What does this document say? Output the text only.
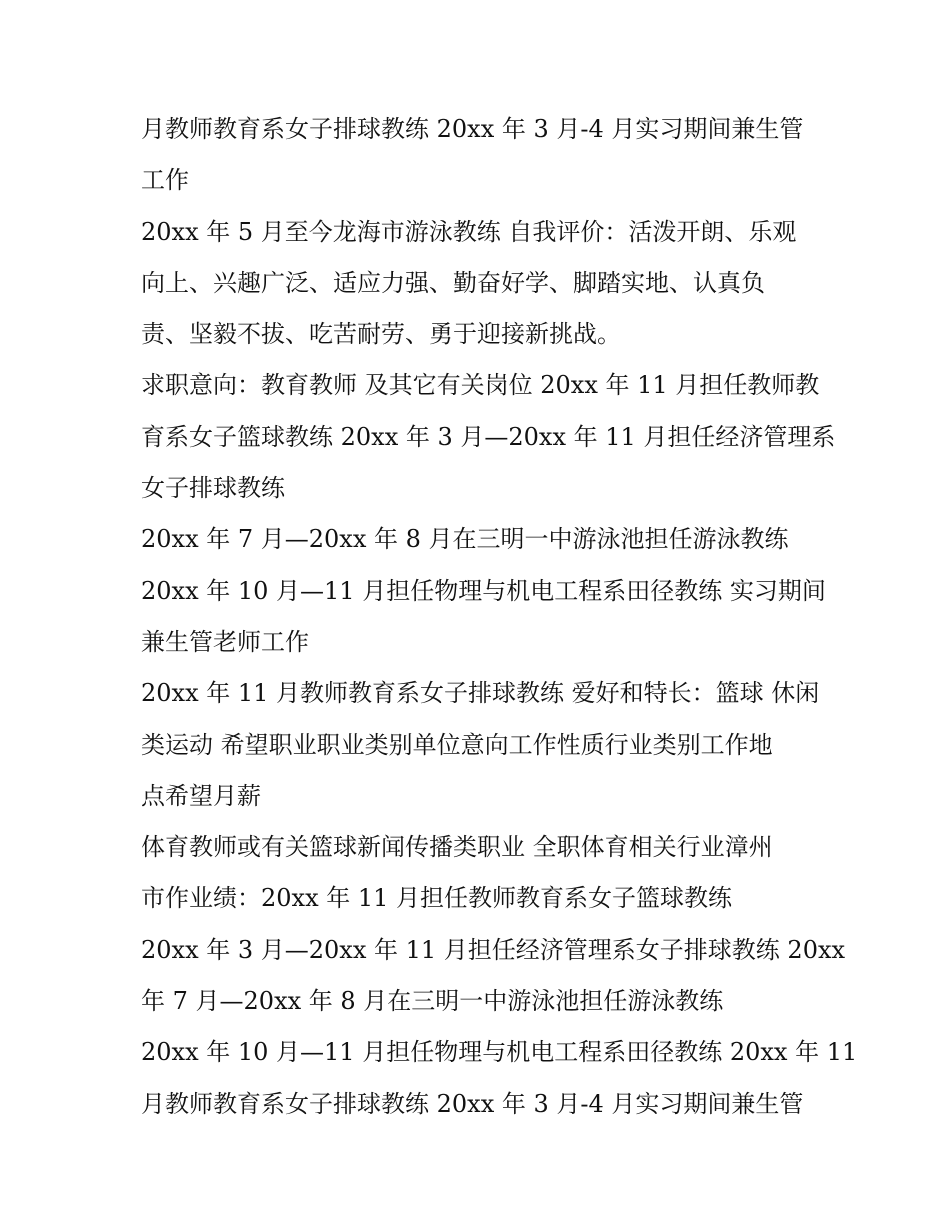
月教师教育系女子排球教练 20xx 年 3 月-4 月实习期间兼生管
工作
20xx 年 5 月至今龙海市游泳教练 自我评价：活泼开朗、乐观
向上、兴趣广泛、适应力强、勤奋好学、脚踏实地、认真负
责、坚毅不拔、吃苦耐劳、勇于迎接新挑战。
求职意向：教育教师 及其它有关岗位 20xx 年 11 月担任教师教
育系女子篮球教练 20xx 年 3 月—20xx 年 11 月担任经济管理系
女子排球教练
20xx 年 7 月—20xx 年 8 月在三明一中游泳池担任游泳教练
20xx 年 10 月—11 月担任物理与机电工程系田径教练 实习期间
兼生管老师工作
20xx 年 11 月教师教育系女子排球教练 爱好和特长：篮球 休闲
类运动 希望职业职业类别单位意向工作性质行业类别工作地
点希望月薪
体育教师或有关篮球新闻传播类职业 全职体育相关行业漳州
市作业绩：20xx 年 11 月担任教师教育系女子篮球教练
20xx 年 3 月—20xx 年 11 月担任经济管理系女子排球教练 20xx
年 7 月—20xx 年 8 月在三明一中游泳池担任游泳教练
20xx 年 10 月—11 月担任物理与机电工程系田径教练 20xx 年 11
月教师教育系女子排球教练 20xx 年 3 月-4 月实习期间兼生管
